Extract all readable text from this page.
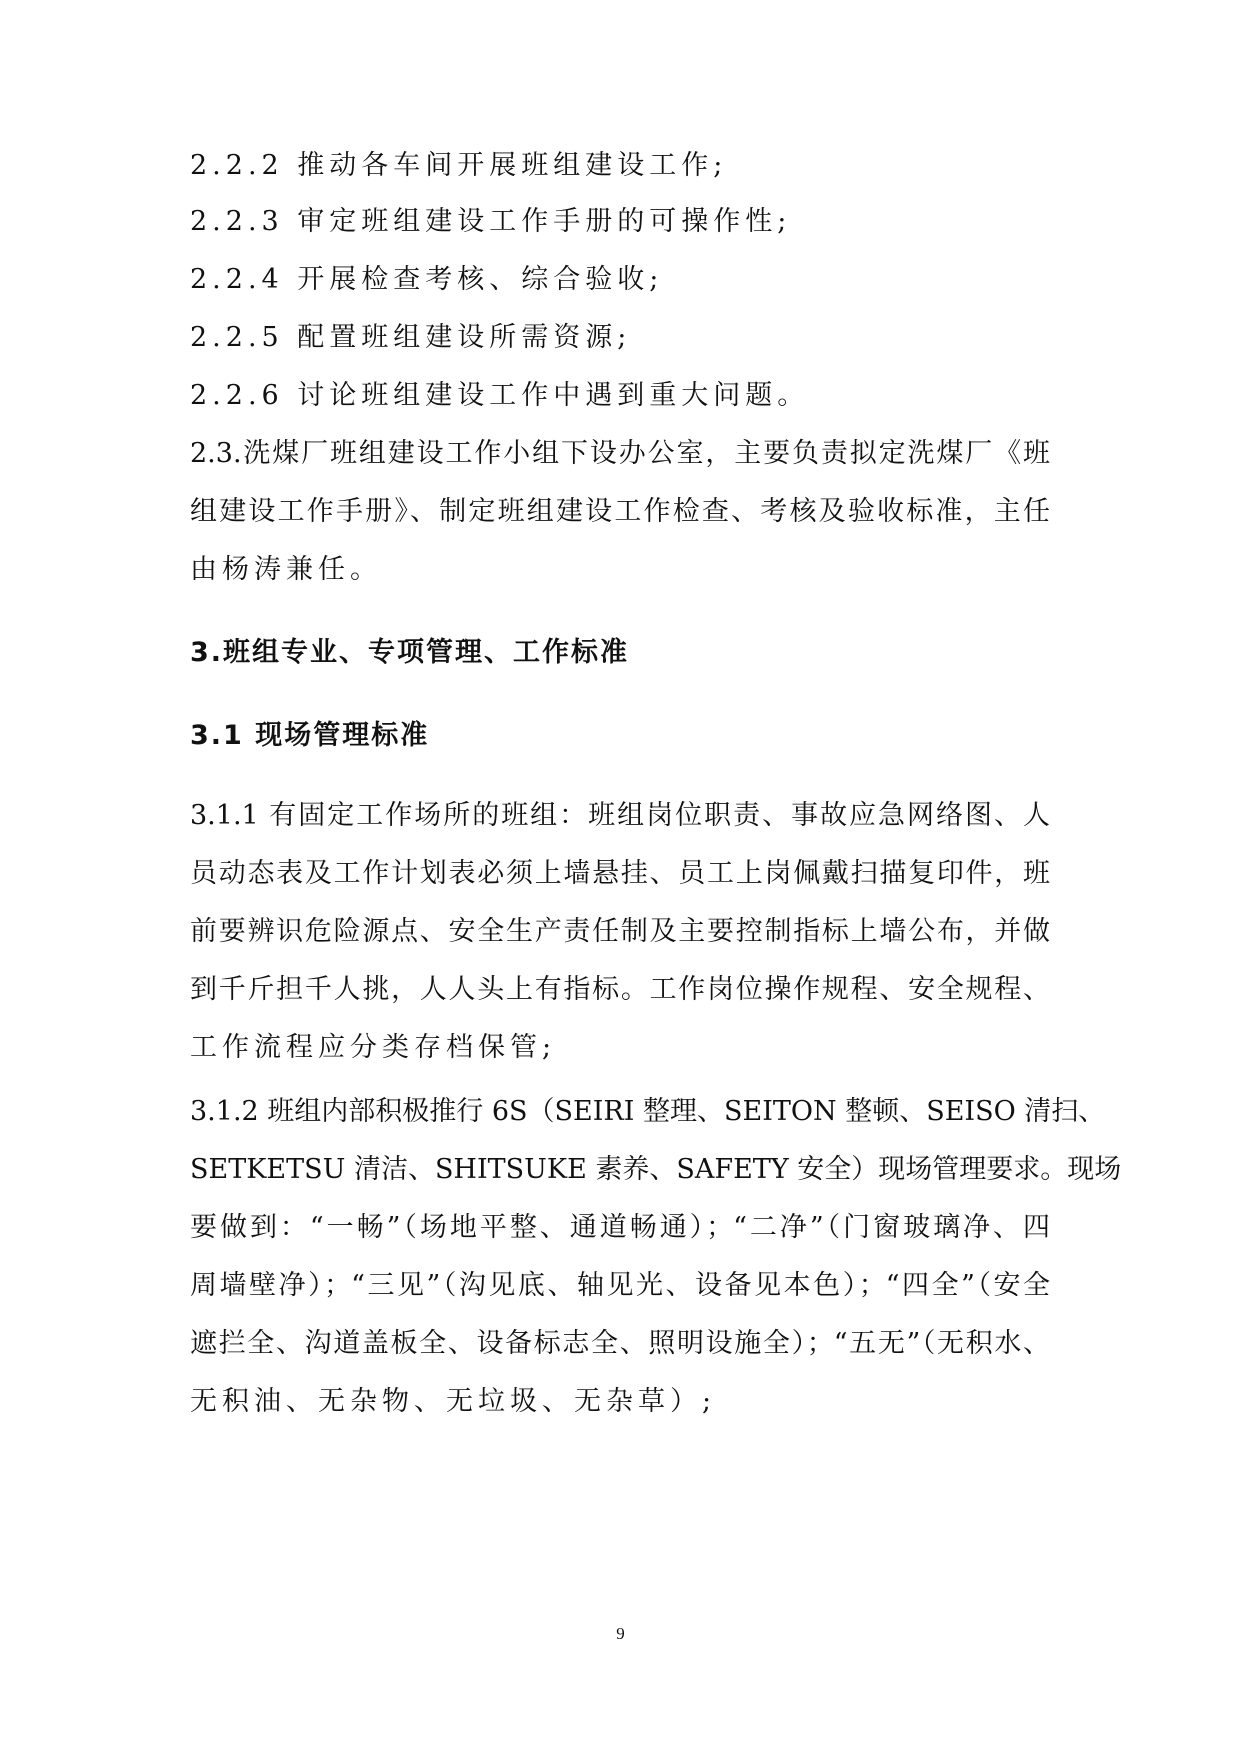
2.2.2 推动各车间开展班组建设工作;

2.2.3 审定班组建设工作手册的可操作性;

2.2.4 开展检查考核、综合验收;

2.2.5 配置班组建设所需资源;

2.2.6 讨论班组建设工作中遇到重大问题。

2.3.洗煤厂班组建设工作小组下设办公室，主要负责拟定洗煤厂《班

组建设工作手册》、制定班组建设工作检查、考核及验收标准，主任

由杨涛兼任。

3.班组专业、专项管理、工作标准
3.1 现场管理标准

3.1.1 有固定工作场所的班组：班组岗位职责、事故应急网络图、人

员动态表及工作计划表必须上墙悬挂、员工上岗佩戴扫描复印件，班

前要辨识危险源点、安全生产责任制及主要控制指标上墙公布，并做

到千斤担千人挑，人人头上有指标。工作岗位操作规程、安全规程、

工作流程应分类存档保管;

3.1.2 班组内部积极推行 6S（SEIRI 整理、SEITON 整顿、SEISO 清扫、

SETKETSU 清洁、SHITSUKE 素养、SAFETY 安全）现场管理要求。现场

要做到：“一畅”（场地平整、通道畅通）；“二净”（门窗玻璃净、四

周墙壁净）；“三见”（沟见底、轴见光、设备见本色）；“四全”（安全

遮拦全、沟道盖板全、设备标志全、照明设施全）；“五无”（无积水、

无积油、无杂物、无垃圾、无杂草）;

9
